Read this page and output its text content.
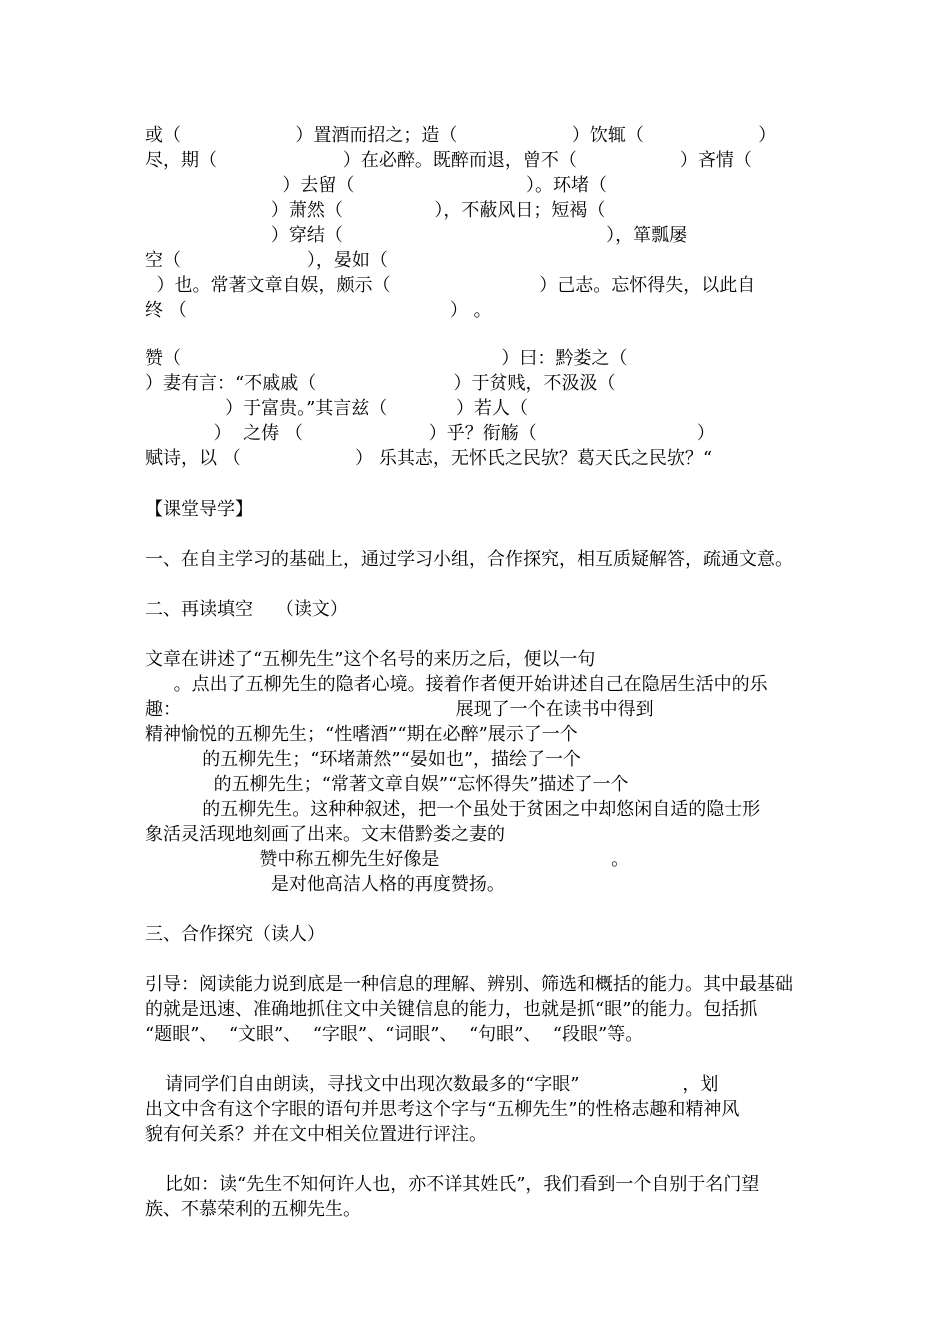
或（                    ）置酒而招之；造（                    ）饮辄（                    ）
尽，期（                      ）在必醉。既醉而退，曾不（                  ）吝情（
）去留（                              ）。环堵（
）萧然（                ），不蔽风日；短褐（
）穿结（                                              ），箪瓢屡
空（                      ），晏如（
）也。常著文章自娱，颇示（                          ）己志。忘怀得失，以此自
终 （                                              ） 。
赞（                                                        ）曰：黔娄之（
）妻有言：“不戚戚（                        ）于贫贱，不汲汲（
）于富贵。”其言兹（            ）若人（
）  之俦 （                      ）乎？衔觞（                            ）
赋诗，以 （                    ） 乐其志，无怀氏之民欤？葛天氏之民欤？“
【课堂导学】
一、在自主学习的基础上，通过学习小组，合作探究，相互质疑解答，疏通文意。
二、再读填空    （读文）
文章在讲述了“五柳先生”这个名号的来历之后，便以一句
。点出了五柳先生的隐者心境。接着作者便开始讲述自己在隐居生活中的乐
趣：                                                展现了一个在读书中得到
精神愉悦的五柳先生；“性嗜酒”“期在必醉”展示了一个
的五柳先生；“环堵萧然”“晏如也”，描绘了一个
的五柳先生；“常著文章自娱”“忘怀得失”描述了一个
的五柳先生。这种种叙述，把一个虽处于贫困之中却悠闲自适的隐士形
象活灵活现地刻画了出来。文末借黔娄之妻的
赞中称五柳先生好像是                              。
是对他高洁人格的再度赞扬。
三、合作探究（读人）
引导：阅读能力说到底是一种信息的理解、辨别、筛选和概括的能力。其中最基础
的就是迅速、准确地抓住文中关键信息的能力，也就是抓“眼”的能力。包括抓
“题眼”、  “文眼”、  “字眼”、“词眼”、  “句眼”、  “段眼”等。
请同学们自由朗读，寻找文中出现次数最多的“字眼”                  ，划
出文中含有这个字眼的语句并思考这个字与“五柳先生”的性格志趣和精神风
貌有何关系？并在文中相关位置进行评注。
比如：读“先生不知何许人也，亦不详其姓氏”，我们看到一个自别于名门望
族、不慕荣利的五柳先生。
